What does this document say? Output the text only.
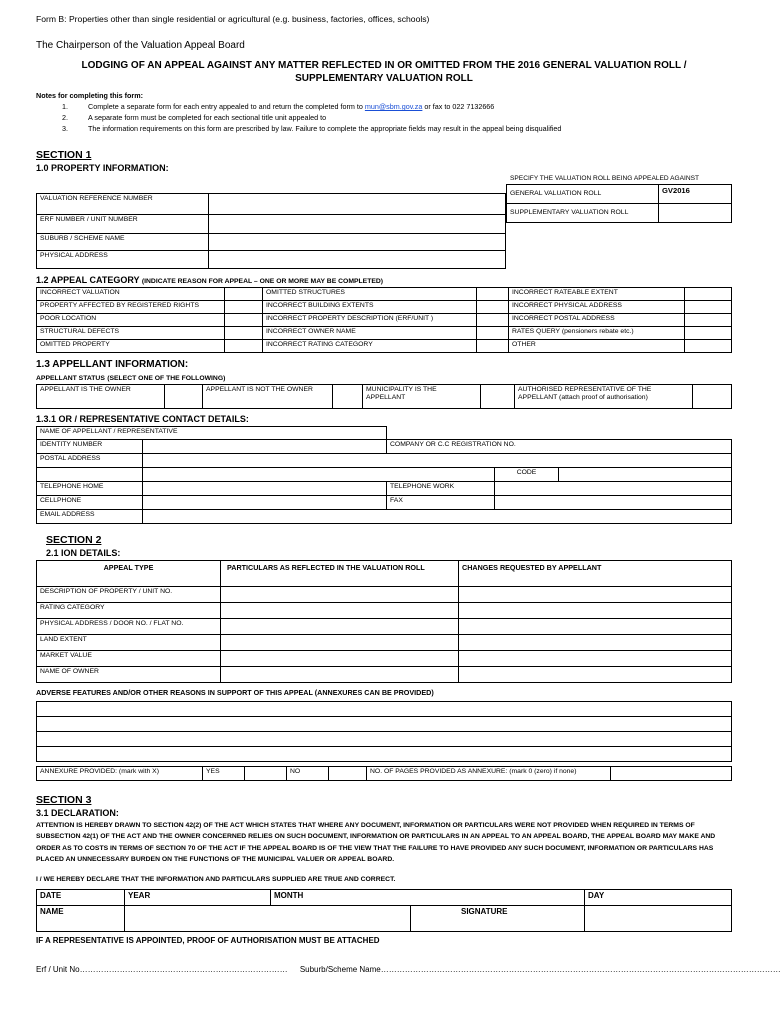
Form B: Properties other than single residential or agricultural (e.g. business, factories, offices, schools)
The Chairperson of the Valuation Appeal Board
LODGING OF AN APPEAL AGAINST ANY MATTER REFLECTED IN OR OMITTED FROM THE 2016 GENERAL VALUATION ROLL /
SUPPLEMENTARY VALUATION ROLL
Notes for completing this form:
1.	Complete a separate form for each entry appealed to and return the completed form to mun@sbm.gov.za or fax to 022 7132666
2.	A separate form must be completed for each sectional title unit appealed to
3.	The information requirements on this form are prescribed by law. Failure to complete the appropriate fields may result in the appeal being disqualified
SECTION 1
1.0 PROPERTY INFORMATION:
VALUATION REFERENCE NUMBER	
ERF NUMBER / UNIT NUMBER	
SUBURB / SCHEME NAME	
PHYSICAL ADDRESS	
SPECIFY THE VALUATION ROLL BEING APPEALED AGAINST
GENERAL VALUATION ROLL	GV2016
SUPPLEMENTARY VALUATION ROLL	
1.2 APPEAL CATEGORY (INDICATE REASON FOR APPEAL – ONE OR MORE MAY BE COMPLETED)
INCORRECT VALUATION		OMITTED STRUCTURES		INCORRECT RATEABLE EXTENT	
PROPERTY AFFECTED BY REGISTERED RIGHTS		INCORRECT BUILDING EXTENTS		INCORRECT PHYSICAL ADDRESS	
POOR LOCATION		INCORRECT PROPERTY DESCRIPTION (ERF/UNIT )		INCORRECT POSTAL ADDRESS	
STRUCTURAL DEFECTS		INCORRECT OWNER NAME		RATES QUERY (pensioners rebate etc.)	
OMITTED PROPERTY		INCORRECT RATING CATEGORY		OTHER	
1.3 APPELLANT INFORMATION:
APPELLANT STATUS (SELECT ONE OF THE FOLLOWING)
APPELLANT IS THE OWNER		APPELLANT IS NOT THE OWNER		MUNICIPALITY IS THE APPELLANT		AUTHORISED REPRESENTATIVE OF THE APPELLANT (attach proof of authorisation)	
1.3.1 OR / REPRESENTATIVE CONTACT DETAILS:
NAME OF APPELLANT / REPRESENTATIVE				
IDENTITY NUMBER		COMPANY OR C.C REGISTRATION NO.		
POSTAL ADDRESS				
			CODE	
TELEPHONE HOME		TELEPHONE WORK		
CELLPHONE		FAX		
EMAIL ADDRESS				
SECTION 2
2.1 ION DETAILS:
APPEAL TYPE	PARTICULARS AS REFLECTED IN THE VALUATION ROLL	CHANGES REQUESTED BY APPELLANT
DESCRIPTION OF PROPERTY / UNIT NO.		
RATING CATEGORY		
PHYSICAL ADDRESS / DOOR NO. / FLAT NO.		
LAND EXTENT		
MARKET VALUE		
NAME OF OWNER		
ADVERSE FEATURES AND/OR OTHER REASONS IN SUPPORT OF THIS APPEAL (ANNEXURES CAN BE PROVIDED)

ANNEXURE PROVIDED: (mark with X)	YES		NO		NO. OF PAGES PROVIDED AS ANNEXURE: (mark 0 (zero) if none)	
SECTION 3
3.1 DECLARATION:
ATTENTION IS HEREBY DRAWN TO SECTION 42(2) OF THE ACT WHICH STATES THAT WHERE ANY DOCUMENT, INFORMATION OR PARTICULARS WERE NOT PROVIDED WHEN REQUIRED IN TERMS OF SUBSECTION 42(1) OF THE ACT AND THE OWNER CONCERNED RELIES ON SUCH DOCUMENT, INFORMATION OR PARTICULARS IN AN APPEAL TO AN APPEAL BOARD, THE APPEAL BOARD MAY MAKE AND ORDER AS TO COSTS IN TERMS OF SECTION 70 OF THE ACT IF THE APPEAL BOARD IS OF THE VIEW THAT THE FAILURE TO HAVE PROVIDED ANY SUCH DOCUMENT, INFORMATION OR PARTICULARS HAS PLACED AN UNNECESSARY BURDEN ON THE FUNCTIONS OF THE MUNICIPAL VALUER OR APPEAL BOARD.
I / WE HEREBY DECLARE THAT THE INFORMATION AND PARTICULARS SUPPLIED ARE TRUE AND CORRECT.
DATE	YEAR	MONTH		DAY
NAME			SIGNATURE	
IF A REPRESENTATIVE IS APPOINTED, PROOF OF AUTHORISATION MUST BE ATTACHED
Erf / Unit No…………………………………………………………………… Suburb/Scheme Name……………………………………………………………………………………………………………………………………
